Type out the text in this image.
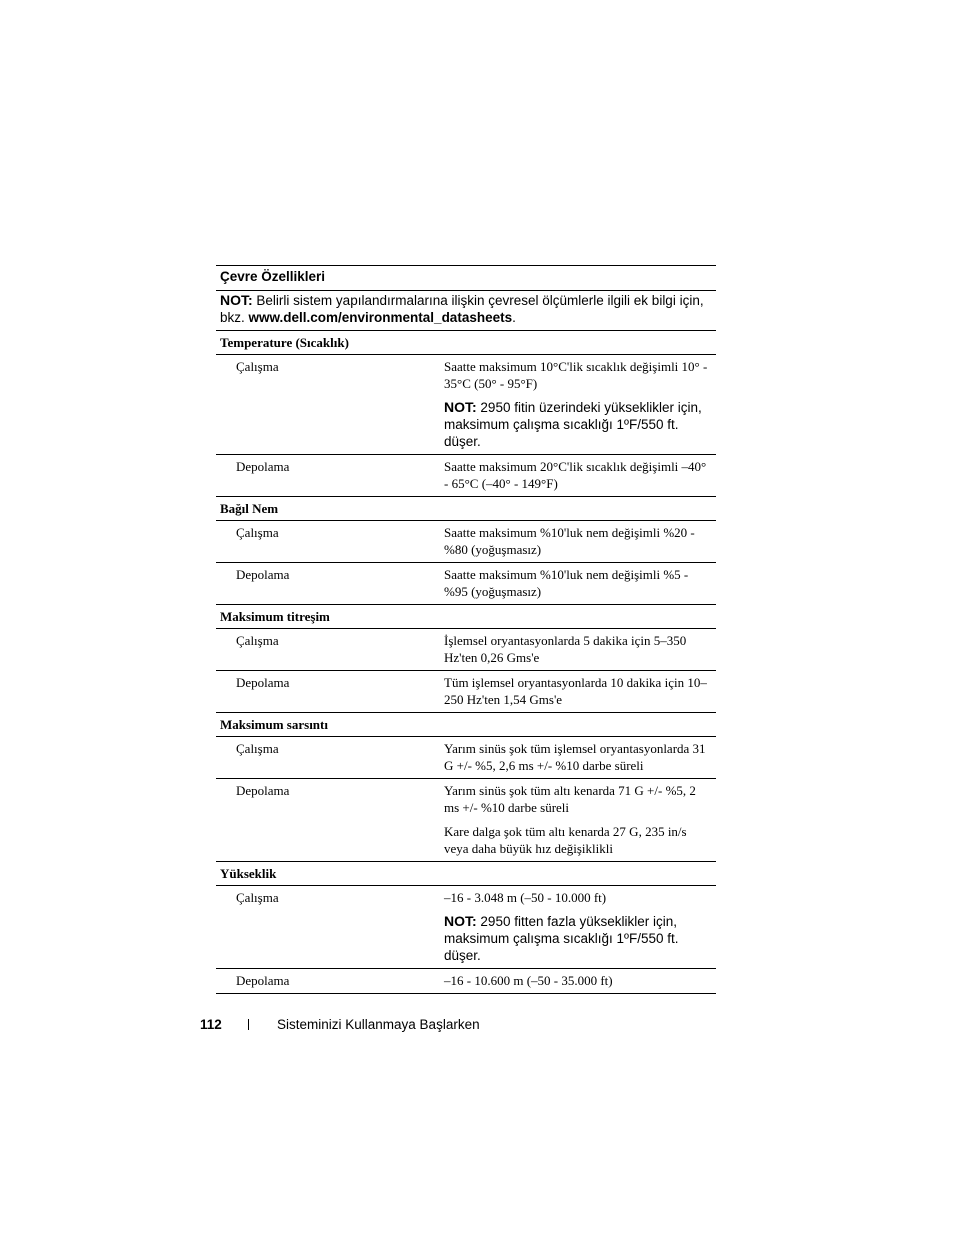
Çevre Özellikleri
NOT: Belirli sistem yapılandırmalarına ilişkin çevresel ölçümlerle ilgili ek bilgi için, bkz. www.dell.com/environmental_datasheets.
Temperature (Sıcaklık)
Çalışma	Saatte maksimum 10°C'lik sıcaklık değişimli 10° - 35°C (50° - 95°F)

NOT: 2950 fitin üzerindeki yükseklikler için, maksimum çalışma sıcaklığı 1ºF/550 ft. düşer.

Depolama	Saatte maksimum 20°C'lik sıcaklık değişimli –40° - 65°C (–40° - 149°F)

Bağıl Nem
Çalışma	Saatte maksimum %10'luk nem değişimli %20 - %80 (yoğuşmasız)

Depolama	Saatte maksimum %10'luk nem değişimli %5 - %95 (yoğuşmasız)

Maksimum titreşim
Çalışma	İşlemsel oryantasyonlarda 5 dakika için 5–350 Hz'ten 0,26 Gms'e

Depolama	Tüm işlemsel oryantasyonlarda 10 dakika için 10–250 Hz'ten 1,54 Gms'e

Maksimum sarsıntı
Çalışma	Yarım sinüs şok tüm işlemsel oryantasyonlarda 31 G +/- %5, 2,6 ms +/- %10 darbe süreli

Depolama	Yarım sinüs şok tüm altı kenarda 71 G +/- %5, 2 ms +/- %10 darbe süreli

Kare dalga şok tüm altı kenarda 27 G, 235 in/s veya daha büyük hız değişiklikli

Yükseklik
Çalışma	–16 - 3.048 m (–50 - 10.000 ft)

NOT: 2950 fitten fazla yükseklikler için, maksimum çalışma sıcaklığı 1ºF/550 ft. düşer.

Depolama	–16 - 10.600 m (–50 - 35.000 ft)

112	Sisteminizi Kullanmaya Başlarken
